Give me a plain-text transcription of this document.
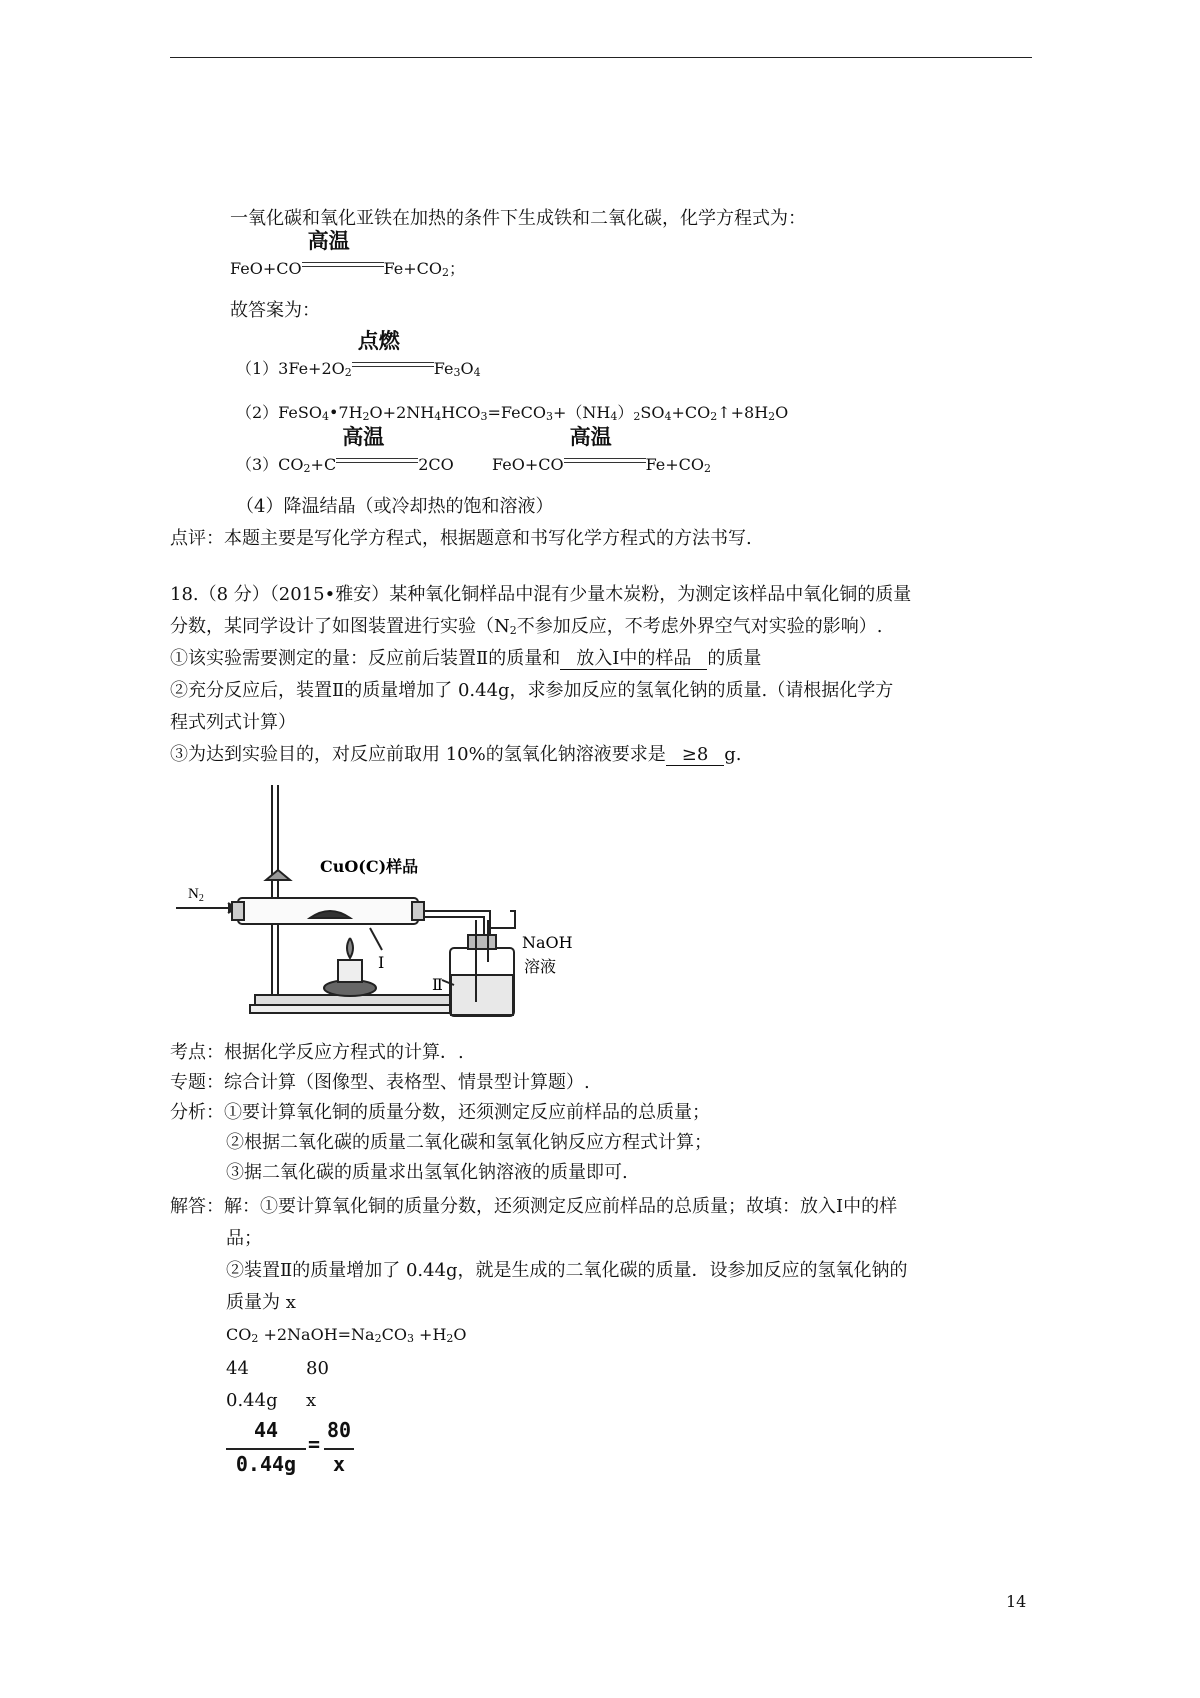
一氧化碳和氧化亚铁在加热的条件下生成铁和二氧化碳，化学方程式为：
FeO+CO
高温
$Fe+CO_2$；
故答案为：
$(1)3Fe+2O_2$
点燃
$Fe_3O_4$
$(2)FeSO_4•7H_2O+2NH_4HCO_3=FeCO_3+(NH_4)_2SO_4+CO_2↑+8H_2O$
$(3)CO_2+C$
高温
2CO FeO+CO
高温
$Fe+CO_2$
（4）降温结晶（或冷却热的饱和溶液）
点评：本题主要是写化学方程式，根据题意和书写化学方程式的方法书写.
18.（8 分）（2015•雅安）某种氧化铜样品中混有少量木炭粉，为测定该样品中氧化铜的质量
分数，某同学设计了如图装置进行实验（$N_2$不参加反应，不考虑外界空气对实验的影响）.
①该实验需要测定的量：反应前后装置Ⅱ的质量和 放入Ⅰ中的样品 的质量
②充分反应后，装置Ⅱ的质量增加了 0.44g，求参加反应的氢氧化钠的质量.（请根据化学方
程式列式计算）
③为达到实验目的，对反应前取用 10%的氢氧化钠溶液要求是 ≥8 g.
$N_2$
CuO(C)样品
Ⅰ
Ⅱ
NaOH
溶液
考点：根据化学反应方程式的计算．.
专题：综合计算（图像型、表格型、情景型计算题）.
分析：①要计算氧化铜的质量分数，还须测定反应前样品的总质量；
②根据二氧化碳的质量二氧化碳和氢氧化钠反应方程式计算；
③据二氧化碳的质量求出氢氧化钠溶液的质量即可.
解答：解：①要计算氧化铜的质量分数，还须测定反应前样品的总质量；故填：放入Ⅰ中的样
品；
②装置Ⅱ的质量增加了 0.44g，就是生成的二氧化碳的质量．设参加反应的氢氧化钠的
质量为 x
$CO_2$ $+2NaOH=Na_2CO_3 +H_2O$
44	80
0.44g x
44
0.44g
=
80
x
14
